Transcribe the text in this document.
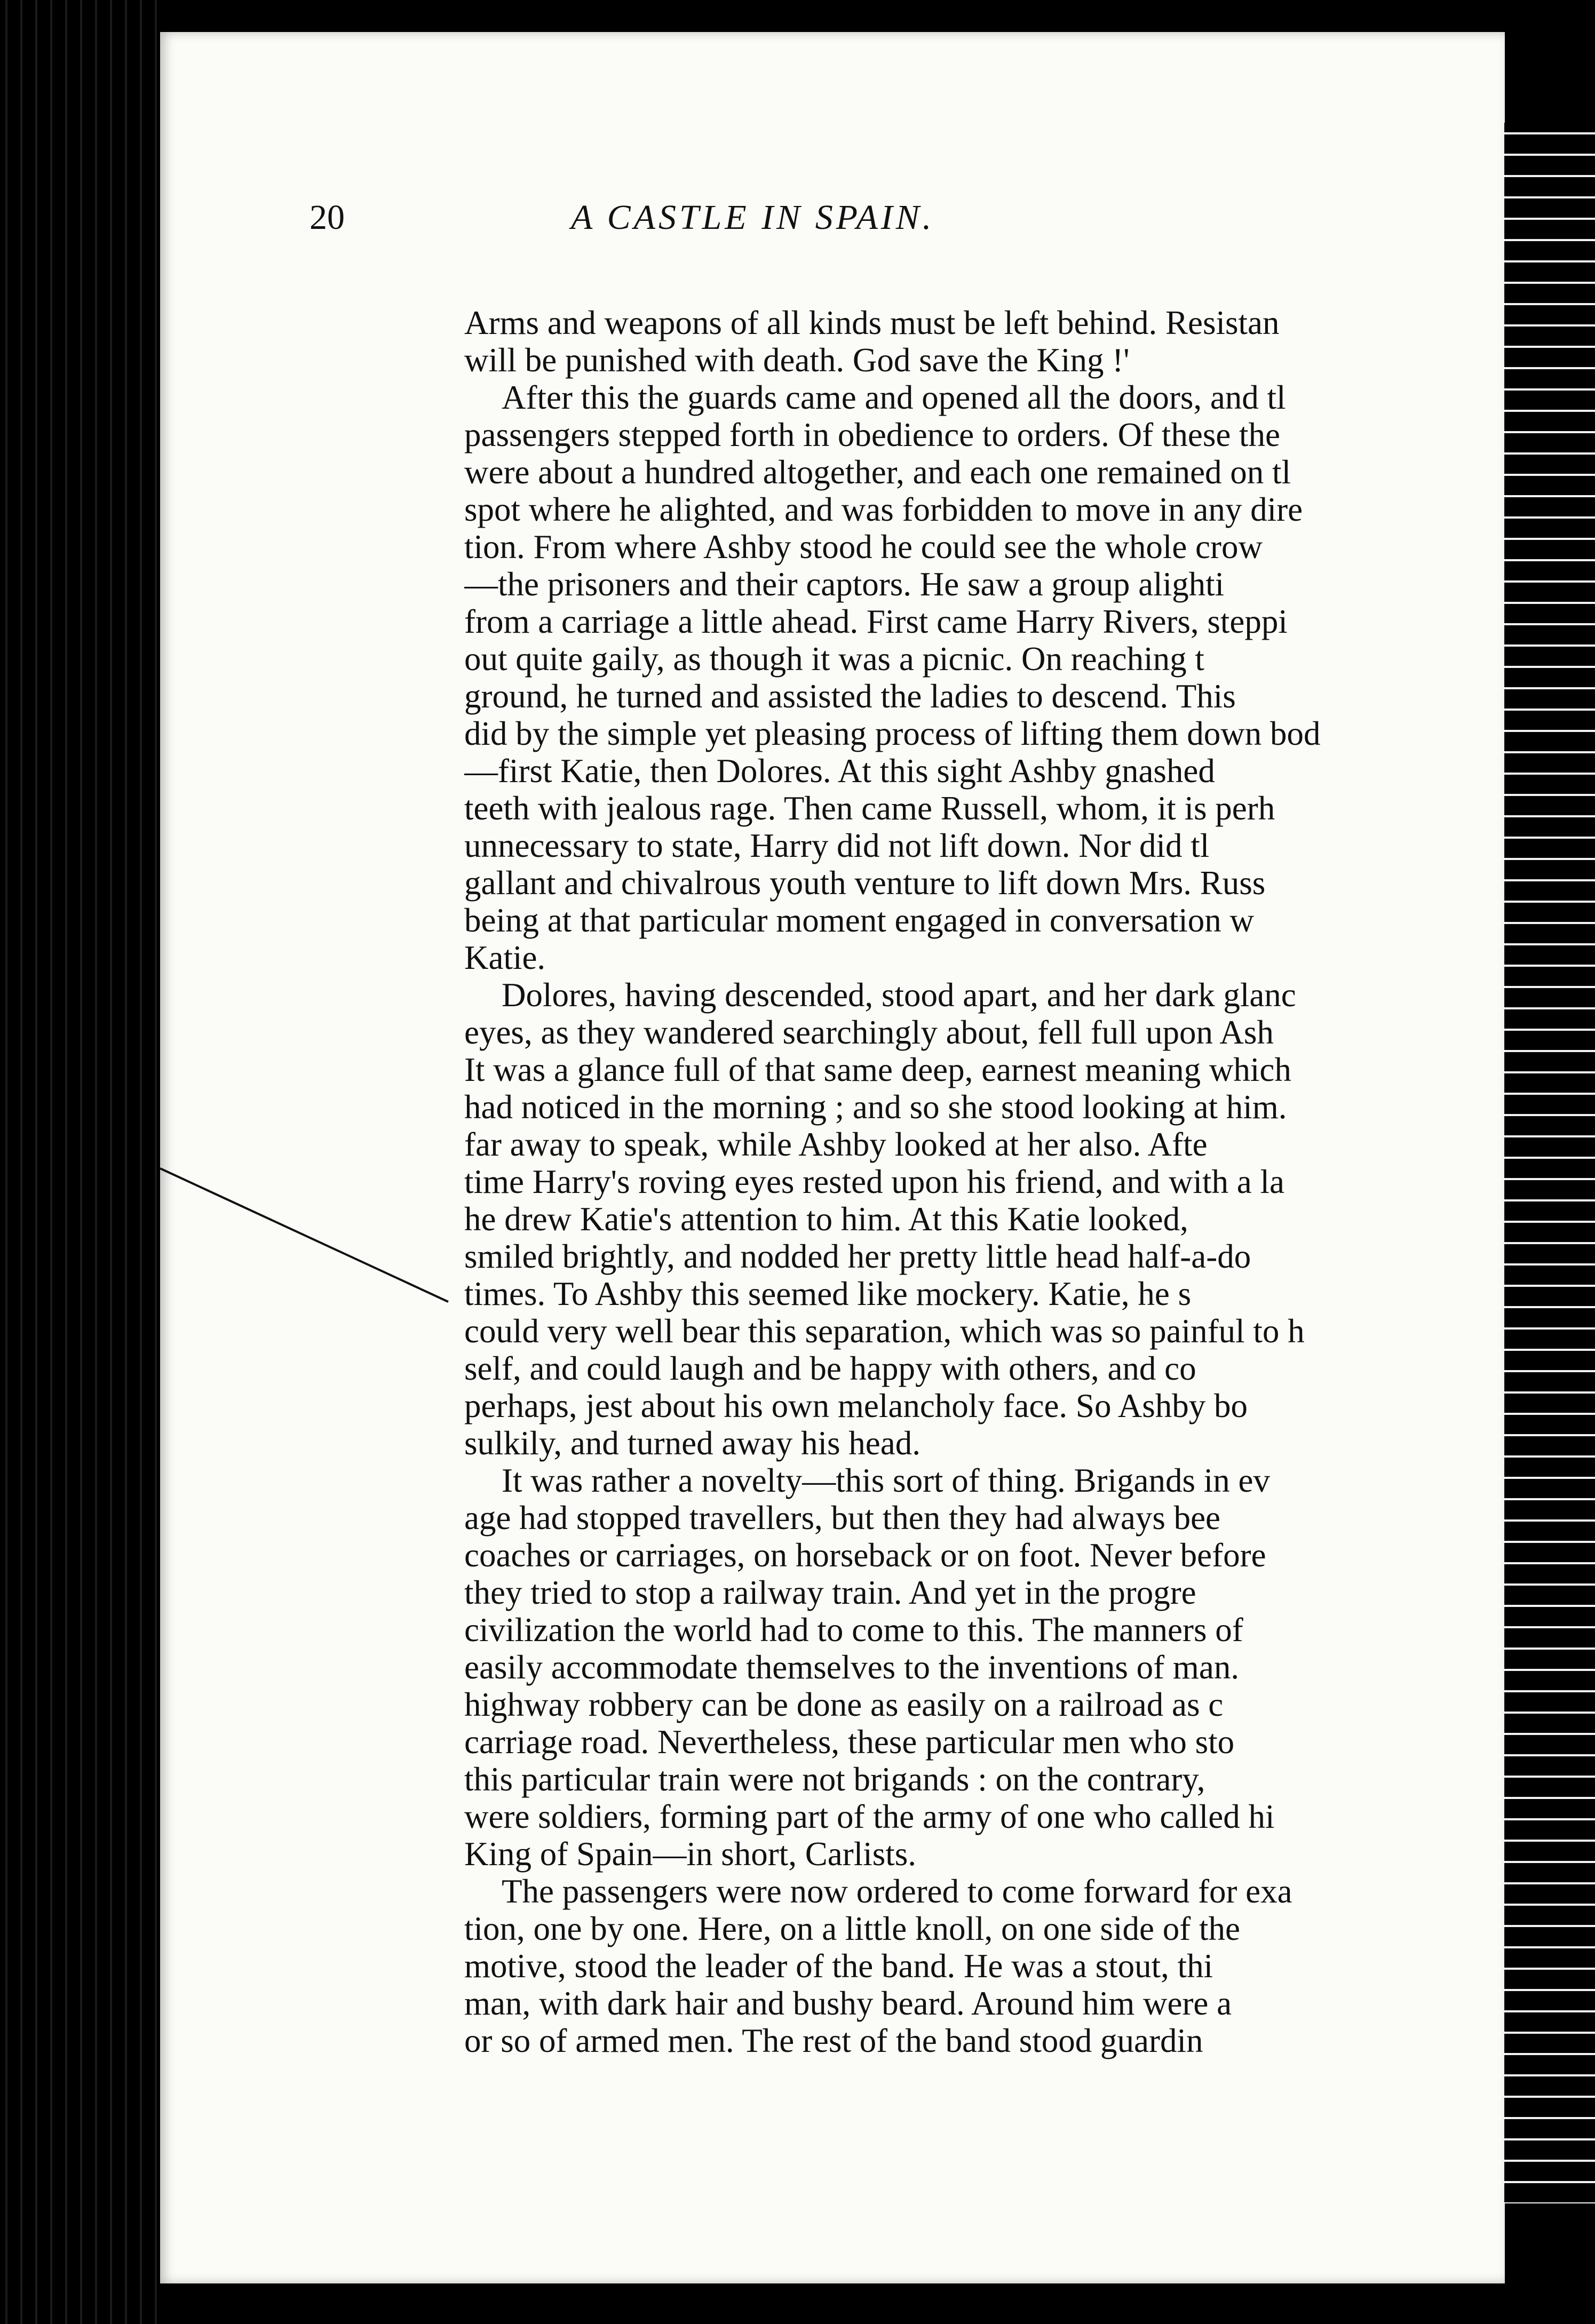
20	A CASTLE IN SPAIN.
Arms and weapons of all kinds must be left behind. Resistan
will be punished with death. God save the King !'
After this the guards came and opened all the doors, and tl
passengers stepped forth in obedience to orders. Of these the
were about a hundred altogether, and each one remained on tl
spot where he alighted, and was forbidden to move in any dire
tion. From where Ashby stood he could see the whole crow
—the prisoners and their captors. He saw a group alighti
from a carriage a little ahead. First came Harry Rivers, steppi
out quite gaily, as though it was a picnic. On reaching t
ground, he turned and assisted the ladies to descend. This
did by the simple yet pleasing process of lifting them down bod
—first Katie, then Dolores. At this sight Ashby gnashed
teeth with jealous rage. Then came Russell, whom, it is perh
unnecessary to state, Harry did not lift down. Nor did tl
gallant and chivalrous youth venture to lift down Mrs. Russ
being at that particular moment engaged in conversation w
Katie.
Dolores, having descended, stood apart, and her dark glanc
eyes, as they wandered searchingly about, fell full upon Ash
It was a glance full of that same deep, earnest meaning which
had noticed in the morning ; and so she stood looking at him.
far away to speak, while Ashby looked at her also. Afte
time Harry's roving eyes rested upon his friend, and with a la
he drew Katie's attention to him. At this Katie looked,
smiled brightly, and nodded her pretty little head half-a-do
times. To Ashby this seemed like mockery. Katie, he s
could very well bear this separation, which was so painful to h
self, and could laugh and be happy with others, and co
perhaps, jest about his own melancholy face. So Ashby bo
sulkily, and turned away his head.
It was rather a novelty—this sort of thing. Brigands in ev
age had stopped travellers, but then they had always bee
coaches or carriages, on horseback or on foot. Never before
they tried to stop a railway train. And yet in the progre
civilization the world had to come to this. The manners of
easily accommodate themselves to the inventions of man.
highway robbery can be done as easily on a railroad as c
carriage road. Nevertheless, these particular men who sto
this particular train were not brigands : on the contrary,
were soldiers, forming part of the army of one who called hi
King of Spain—in short, Carlists.
The passengers were now ordered to come forward for exa
tion, one by one. Here, on a little knoll, on one side of the
motive, stood the leader of the band. He was a stout, thi
man, with dark hair and bushy beard. Around him were a
or so of armed men. The rest of the band stood guardin
